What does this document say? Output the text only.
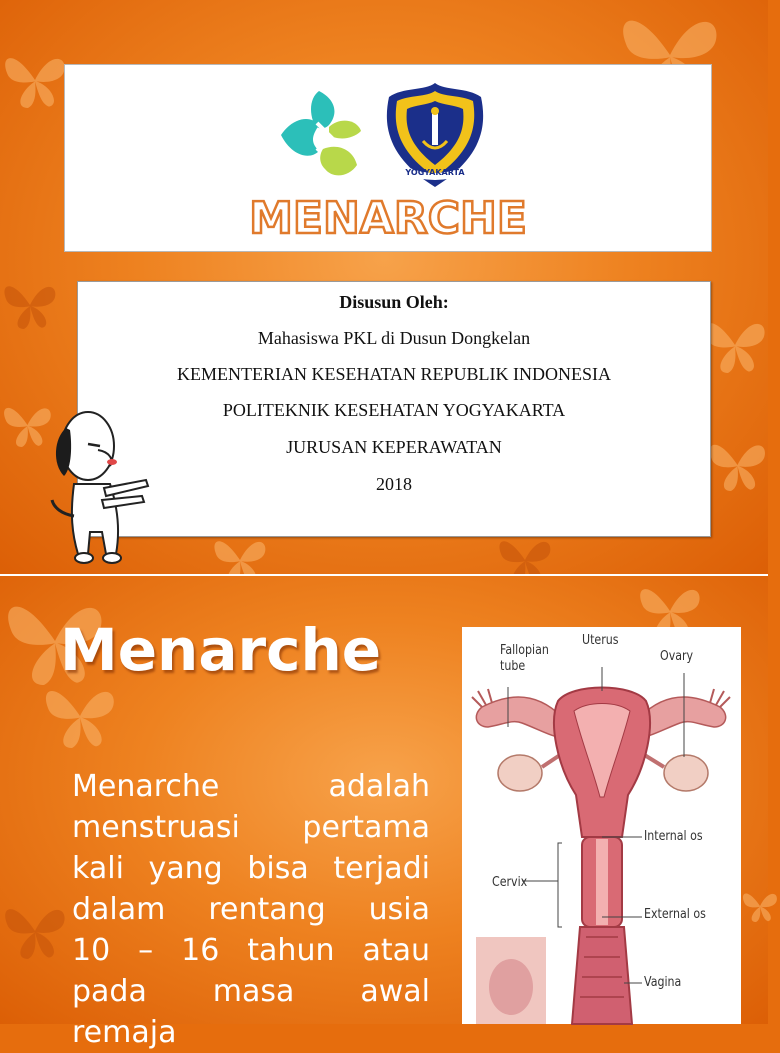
YOGYAKARTA
MENARCHE
Disusun Oleh:
Mahasiswa PKL di Dusun Dongkelan
KEMENTERIAN KESEHATAN REPUBLIK INDONESIA
POLITEKNIK KESEHATAN YOGYAKARTA
JURUSAN KEPERAWATAN
2018
Menarche
Menarche adalah
menstruasi pertama
kali yang bisa terjadi
dalam rentang usia
10 – 16 tahun atau
pada masa awal
remaja
Fallopian tube
Uterus
Ovary
Internal os
Cervix
External os
Vagina
